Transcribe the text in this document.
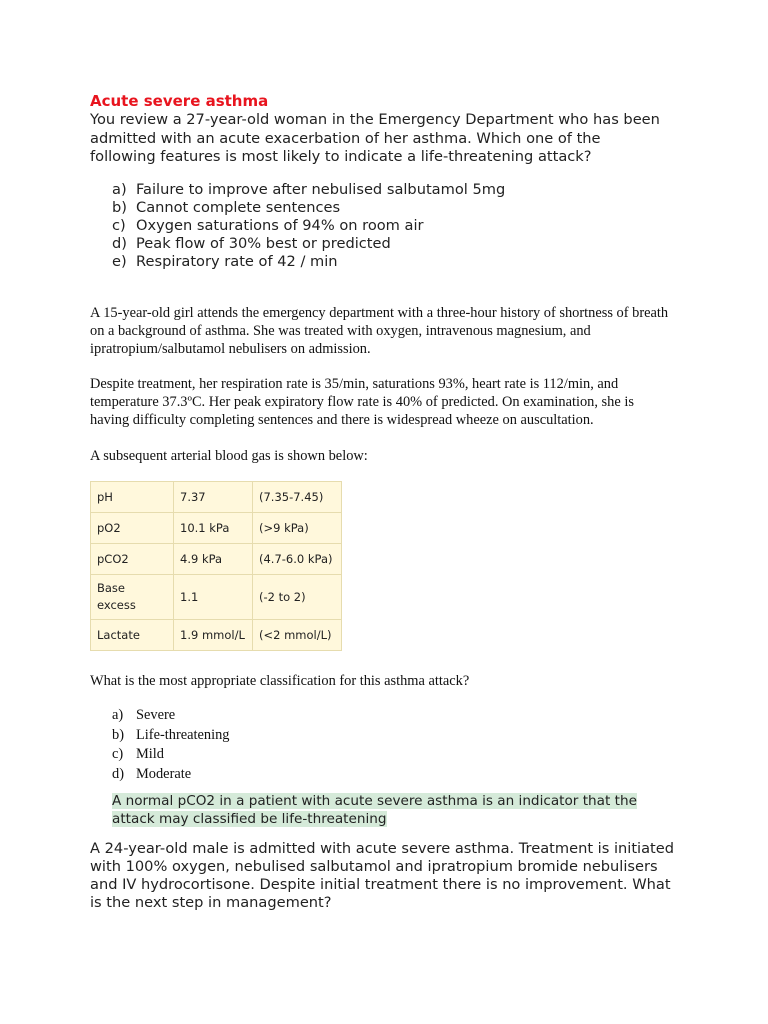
Acute severe asthma
You review a 27-year-old woman in the Emergency Department who has been admitted with an acute exacerbation of her asthma. Which one of the following features is most likely to indicate a life-threatening attack?
a) Failure to improve after nebulised salbutamol 5mg
b) Cannot complete sentences
c) Oxygen saturations of 94% on room air
d) Peak flow of 30% best or predicted
e) Respiratory rate of 42 / min
A 15-year-old girl attends the emergency department with a three-hour history of shortness of breath on a background of asthma. She was treated with oxygen, intravenous magnesium, and ipratropium/salbutamol nebulisers on admission.
Despite treatment, her respiration rate is 35/min, saturations 93%, heart rate is 112/min, and temperature 37.3ºC. Her peak expiratory flow rate is 40% of predicted. On examination, she is having difficulty completing sentences and there is widespread wheeze on auscultation.
A subsequent arterial blood gas is shown below:
pH	7.37	(7.35-7.45)
pO2	10.1 kPa	(>9 kPa)
pCO2	4.9 kPa	(4.7-6.0 kPa)
Base excess	1.1	(-2 to 2)
Lactate	1.9 mmol/L	(<2 mmol/L)
What is the most appropriate classification for this asthma attack?
a) Severe
b) Life-threatening
c) Mild
d) Moderate
A normal pCO2 in a patient with acute severe asthma is an indicator that the attack may classified be life-threatening
A 24-year-old male is admitted with acute severe asthma. Treatment is initiated with 100% oxygen, nebulised salbutamol and ipratropium bromide nebulisers and IV hydrocortisone. Despite initial treatment there is no improvement. What is the next step in management?
